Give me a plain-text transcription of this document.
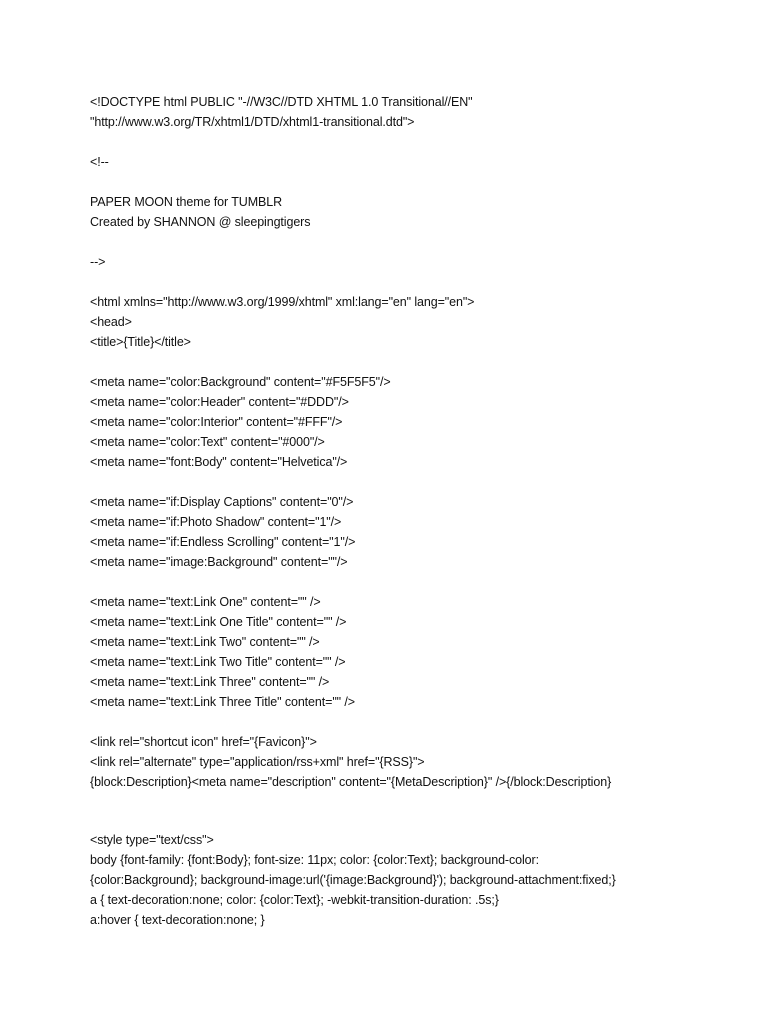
<!DOCTYPE html PUBLIC "-//W3C//DTD XHTML 1.0 Transitional//EN"
"http://www.w3.org/TR/xhtml1/DTD/xhtml1-transitional.dtd">
<!--
PAPER MOON theme for TUMBLR
Created by SHANNON @ sleepingtigers
-->
<html xmlns="http://www.w3.org/1999/xhtml" xml:lang="en" lang="en">
<head>
<title>{Title}</title>
<meta name="color:Background" content="#F5F5F5"/>
<meta name="color:Header" content="#DDD"/>
<meta name="color:Interior" content="#FFF"/>
<meta name="color:Text" content="#000"/>
<meta name="font:Body" content="Helvetica"/>
<meta name="if:Display Captions" content="0"/>
<meta name="if:Photo Shadow" content="1"/>
<meta name="if:Endless Scrolling" content="1"/>
<meta name="image:Background" content=""/>
<meta name="text:Link One" content="" />
<meta name="text:Link One Title" content="" />
<meta name="text:Link Two" content="" />
<meta name="text:Link Two Title" content="" />
<meta name="text:Link Three" content="" />
<meta name="text:Link Three Title" content="" />
<link rel="shortcut icon" href="{Favicon}">
<link rel="alternate" type="application/rss+xml" href="{RSS}">
{block:Description}<meta name="description" content="{MetaDescription}" />{/block:Description}
<style type="text/css">
body {font-family: {font:Body}; font-size: 11px; color: {color:Text}; background-color:
{color:Background}; background-image:url('{image:Background}'); background-attachment:fixed;}
a { text-decoration:none; color: {color:Text}; -webkit-transition-duration: .5s;}
a:hover { text-decoration:none; }
